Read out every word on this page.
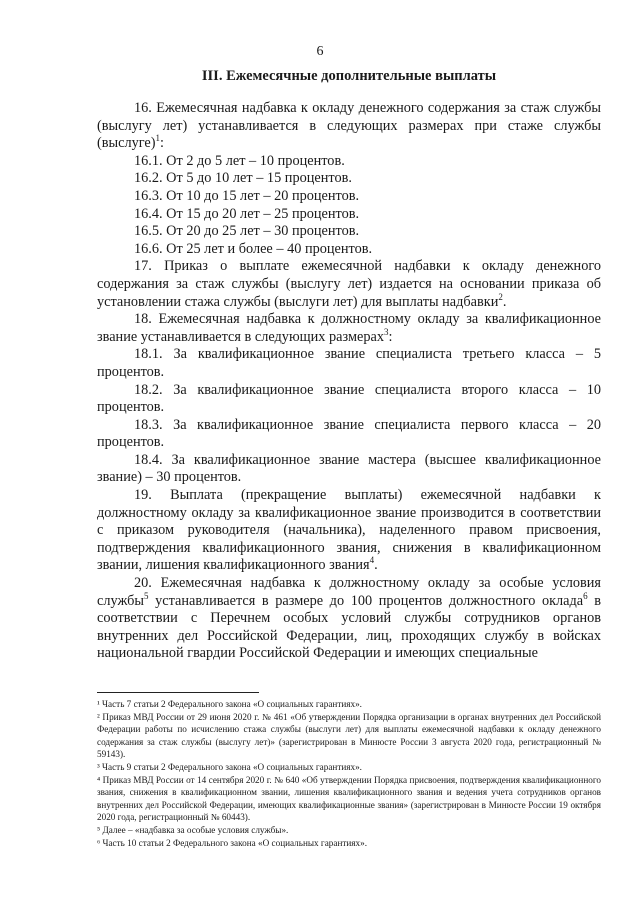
6
III. Ежемесячные дополнительные выплаты

16. Ежемесячная надбавка к окладу денежного содержания за стаж службы (выслугу лет) устанавливается в следующих размерах при стаже службы (выслуге)$^1$:

16.1. От 2 до 5 лет – 10 процентов.

16.2. От 5 до 10 лет – 15 процентов.

16.3. От 10 до 15 лет – 20 процентов.

16.4. От 15 до 20 лет – 25 процентов.

16.5. От 20 до 25 лет – 30 процентов.

16.6. От 25 лет и более – 40 процентов.

17. Приказ о выплате ежемесячной надбавки к окладу денежного содержания за стаж службы (выслугу лет) издается на основании приказа об установлении стажа службы (выслуги лет) для выплаты надбавки$^2$.

18. Ежемесячная надбавка к должностному окладу за квалификационное звание устанавливается в следующих размерах$^3$:

18.1. За квалификационное звание специалиста третьего класса – 5 процентов.

18.2. За квалификационное звание специалиста второго класса – 10 процентов.

18.3. За квалификационное звание специалиста первого класса – 20 процентов.

18.4. За квалификационное звание мастера (высшее квалификационное звание) – 30 процентов.

19. Выплата (прекращение выплаты) ежемесячной надбавки к должностному окладу за квалификационное звание производится в соответствии с приказом руководителя (начальника), наделенного правом присвоения, подтверждения квалификационного звания, снижения в квалификационном звании, лишения квалификационного звания$^4$.

20. Ежемесячная надбавка к должностному окладу за особые условия службы$^5$ устанавливается в размере до 100 процентов должностного оклада$^6$ в соответствии с Перечнем особых условий службы сотрудников органов внутренних дел Российской Федерации, лиц, проходящих службу в войсках национальной гвардии Российской Федерации и имеющих специальные

¹ Часть 7 статьи 2 Федерального закона «О социальных гарантиях».

² Приказ МВД России от 29 июня 2020 г. № 461 «Об утверждении Порядка организации в органах внутренних дел Российской Федерации работы по исчислению стажа службы (выслуги лет) для выплаты ежемесячной надбавки к окладу денежного содержания за стаж службы (выслугу лет)» (зарегистрирован в Минюсте России 3 августа 2020 года, регистрационный № 59143).

³ Часть 9 статьи 2 Федерального закона «О социальных гарантиях».

⁴ Приказ МВД России от 14 сентября 2020 г. № 640 «Об утверждении Порядка присвоения, подтверждения квалификационного звания, снижения в квалификационном звании, лишения квалификационного звания и ведения учета сотрудников органов внутренних дел Российской Федерации, имеющих квалификационные звания» (зарегистрирован в Минюсте России 19 октября 2020 года, регистрационный № 60443).

⁵ Далее – «надбавка за особые условия службы».

⁶ Часть 10 статьи 2 Федерального закона «О социальных гарантиях».
